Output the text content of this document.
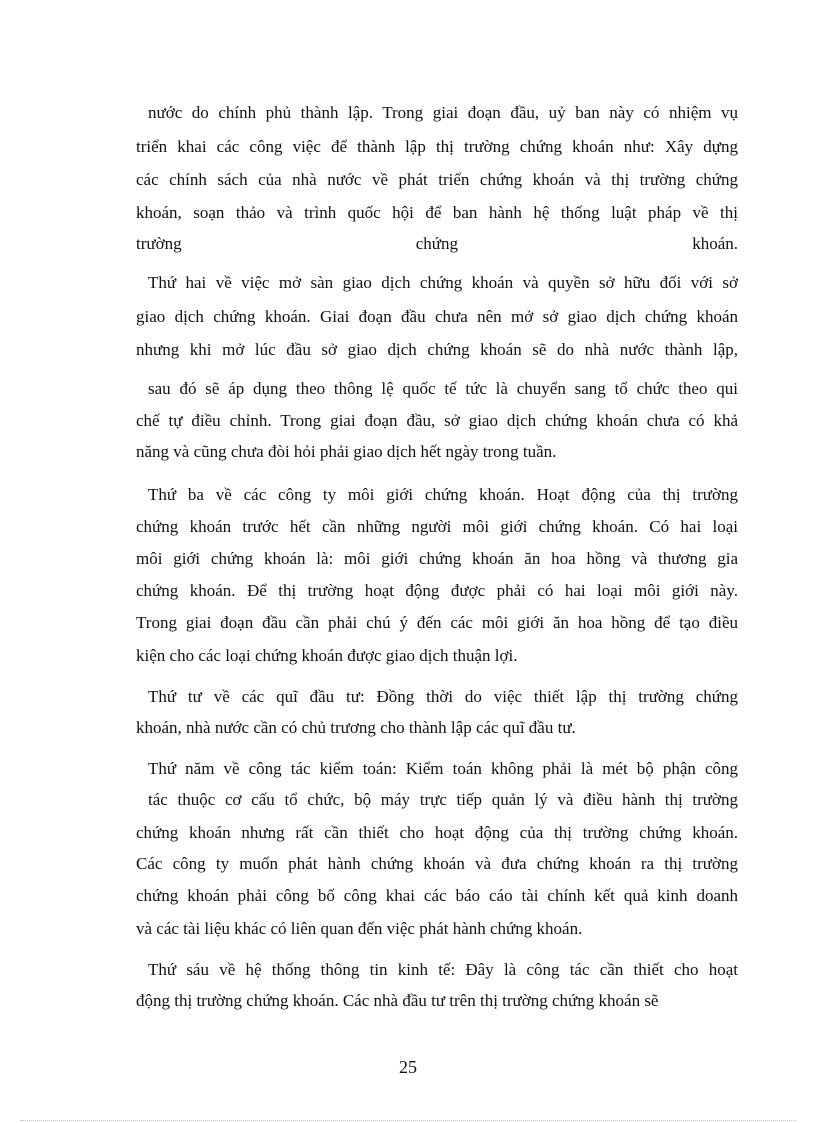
nước do chính phủ thành lập. Trong giai đoạn đầu, uỷ ban này có nhiệm vụ
triển khai các công việc để thành lập thị trường chứng khoán như: Xây dựng
các chính sách của nhà nước về phát triển chứng khoán và thị trường chứng
khoán, soạn thảo và trình quốc hội để ban hành hệ thống luật pháp về thị
trường chứng khoán.
Thứ hai về việc mở sàn giao dịch chứng khoán và quyền sở hữu đối với sở
giao dịch chứng khoán. Giai đoạn đầu chưa nên mở sở giao dịch chứng khoán
nhưng khi mở lúc đầu sở giao dịch chứng khoán sẽ do nhà nước thành lập,
sau đó sẽ áp dụng theo thông lệ quốc tế tức là chuyển sang tổ chức theo qui
chế tự điều chỉnh. Trong giai đoạn đầu, sở giao dịch chứng khoán chưa có khả
năng và cũng chưa đòi hỏi phải giao dịch hết ngày trong tuần.
Thứ ba về các công ty môi giới chứng khoán. Hoạt động của thị trường
chứng khoán trước hết cần những người môi giới chứng khoán. Có hai loại
môi giới chứng khoán là: môi giới chứng khoán ăn hoa hồng và thương gia
chứng khoán. Để thị trường hoạt động được phải có hai loại môi giới này.
Trong giai đoạn đầu cần phải chú ý đến các môi giới ăn hoa hồng để tạo điều
kiện cho các loại chứng khoán được giao dịch thuận lợi.
Thứ tư về các quĩ đầu tư: Đồng thời do việc thiết lập thị trường chứng
khoán, nhà nước cần có chủ trương cho thành lập các quĩ đầu tư.
Thứ năm về công tác kiểm toán: Kiểm toán không phải là mét bộ phận công
tác thuộc cơ cấu tổ chức, bộ máy trực tiếp quản lý và điều hành thị trường
chứng khoán nhưng rất cần thiết cho hoạt động của thị trường chứng khoán.
Các công ty muốn phát hành chứng khoán và đưa chứng khoán ra thị trường
chứng khoán phải công bố công khai các báo cáo tài chính kết quả kinh doanh
và các tài liệu khác có liên quan đến việc phát hành chứng khoán.
Thứ sáu về hệ thống thông tin kinh tế: Đây là công tác cần thiết cho hoạt
động thị trường chứng khoán. Các nhà đầu tư trên thị trường chứng khoán sẽ
25
